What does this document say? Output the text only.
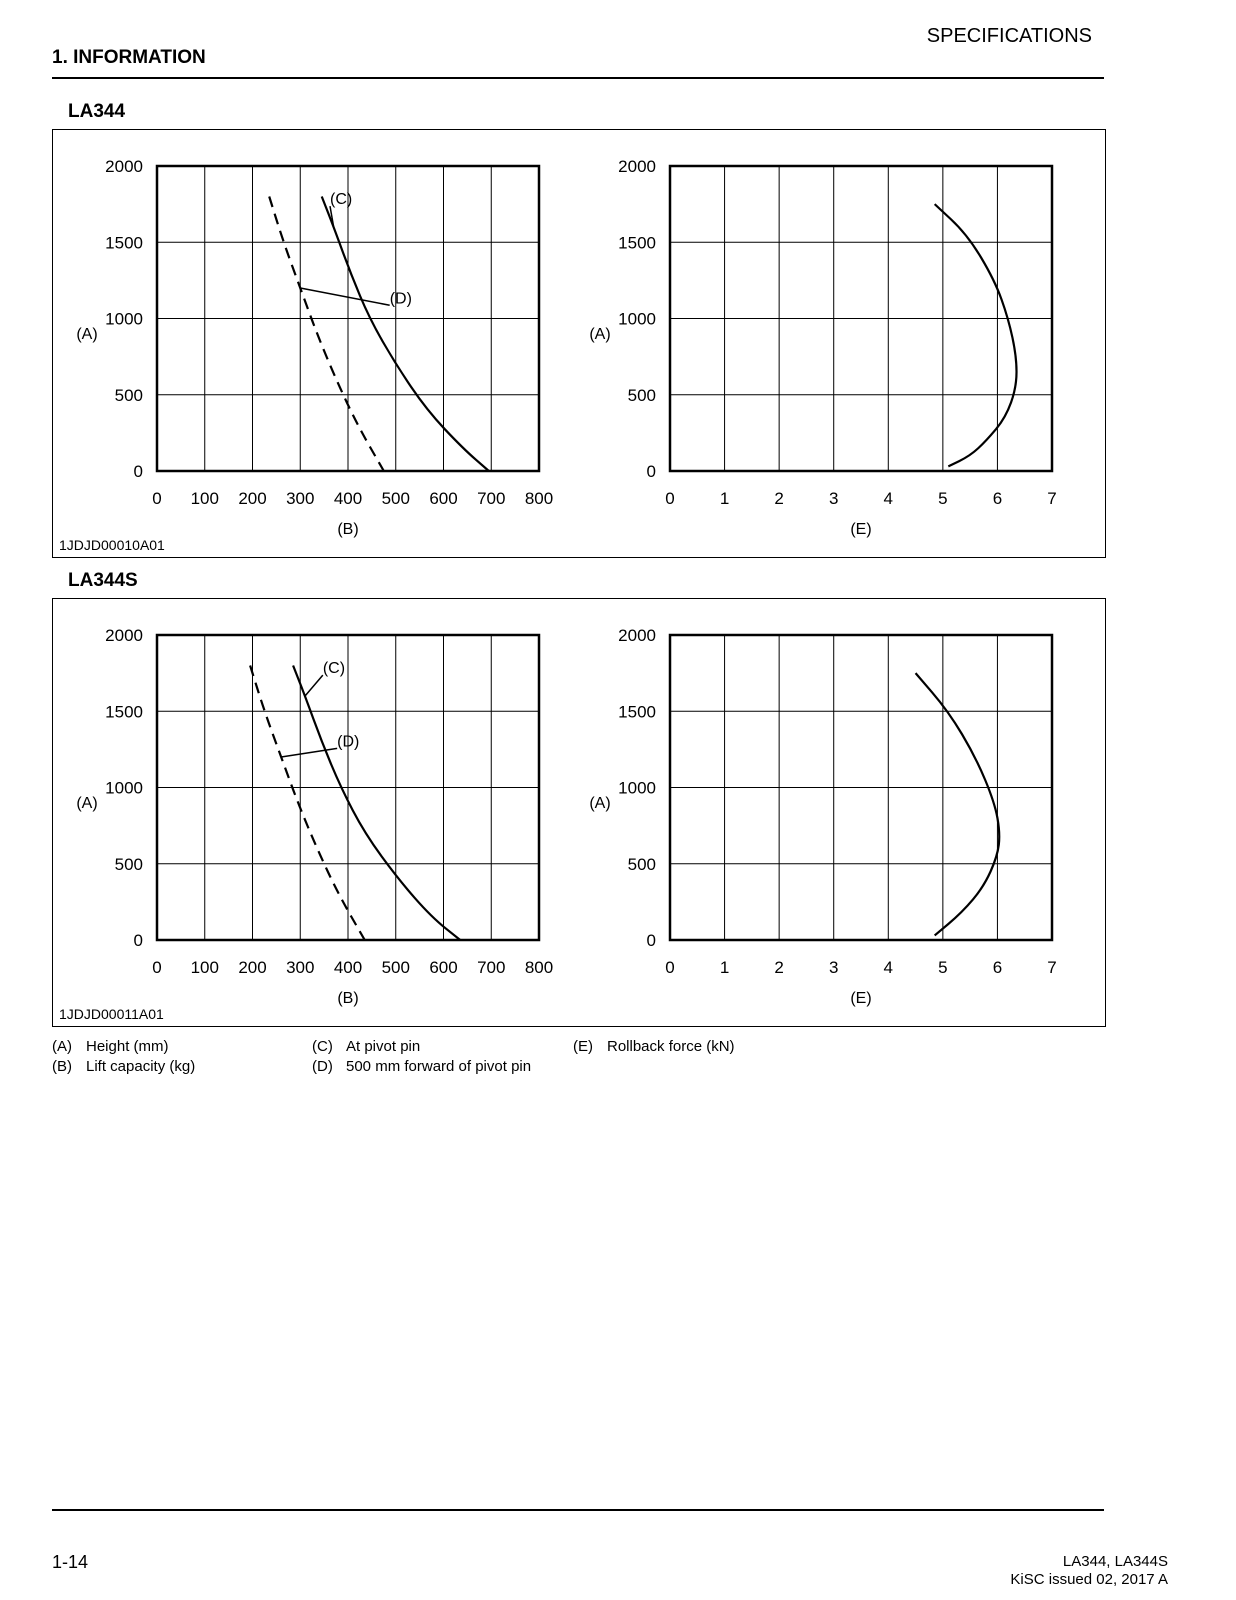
SPECIFICATIONS
1. INFORMATION
LA344
0 100 200 300 400 500 600 700 800
0
500
1000
1500
2000
(B)
(A)
(C)
(D)
0	1	2	3	4	5	6	7
0
500
1000
1500
2000
(E)
(A)
1JDJD00010A01
LA344S
0 100 200 300 400 500 600 700 800
0
500
1000
1500
2000
(B)
(A)
(C)
(D)
0	1	2	3	4	5	6	7
0
500
1000
1500
2000
(E)
(A)
1JDJD00011A01
(A) Height (mm)
(B) Lift capacity (kg)
(C) At pivot pin
(D) 500 mm forward of pivot pin
(E) Rollback force (kN)
1-14	LA344, LA344S
KiSC issued 02, 2017 A
